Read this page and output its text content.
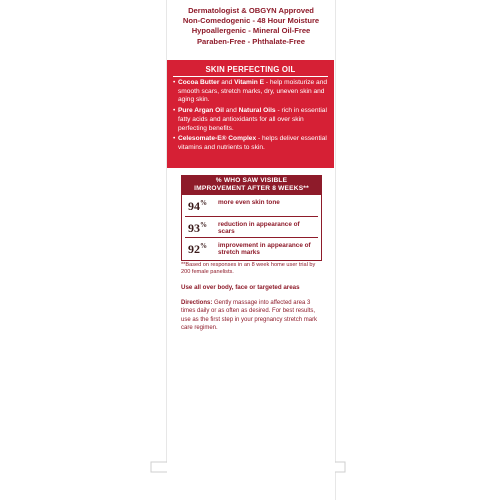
Dermatologist & OBGYN Approved
Non-Comedogenic - 48 Hour Moisture
Hypoallergenic - Mineral Oil-Free
Paraben-Free - Phthalate-Free
SKIN PERFECTING OIL
• Cocoa Butter and Vitamin E - help moisturize and smooth scars, stretch marks, dry, uneven skin and aging skin.
• Pure Argan Oil and Natural Oils - rich in essential fatty acids and antioxidants for all over skin perfecting benefits.
• Celesomate-E® Complex - helps deliver essential vitamins and nutrients to skin.
% WHO SAW VISIBLE
IMPROVEMENT AFTER 8 WEEKS**
94% more even skin tone
93% reduction in appearance of scars
92% improvement in appearance of stretch marks
**Based on responses in an 8 week home user trial by 200 female panelists.
Use all over body, face or targeted areas
Directions: Gently massage into affected area 3 times daily or as often as desired. For best results, use as the first step in your pregnancy stretch mark care regimen.
